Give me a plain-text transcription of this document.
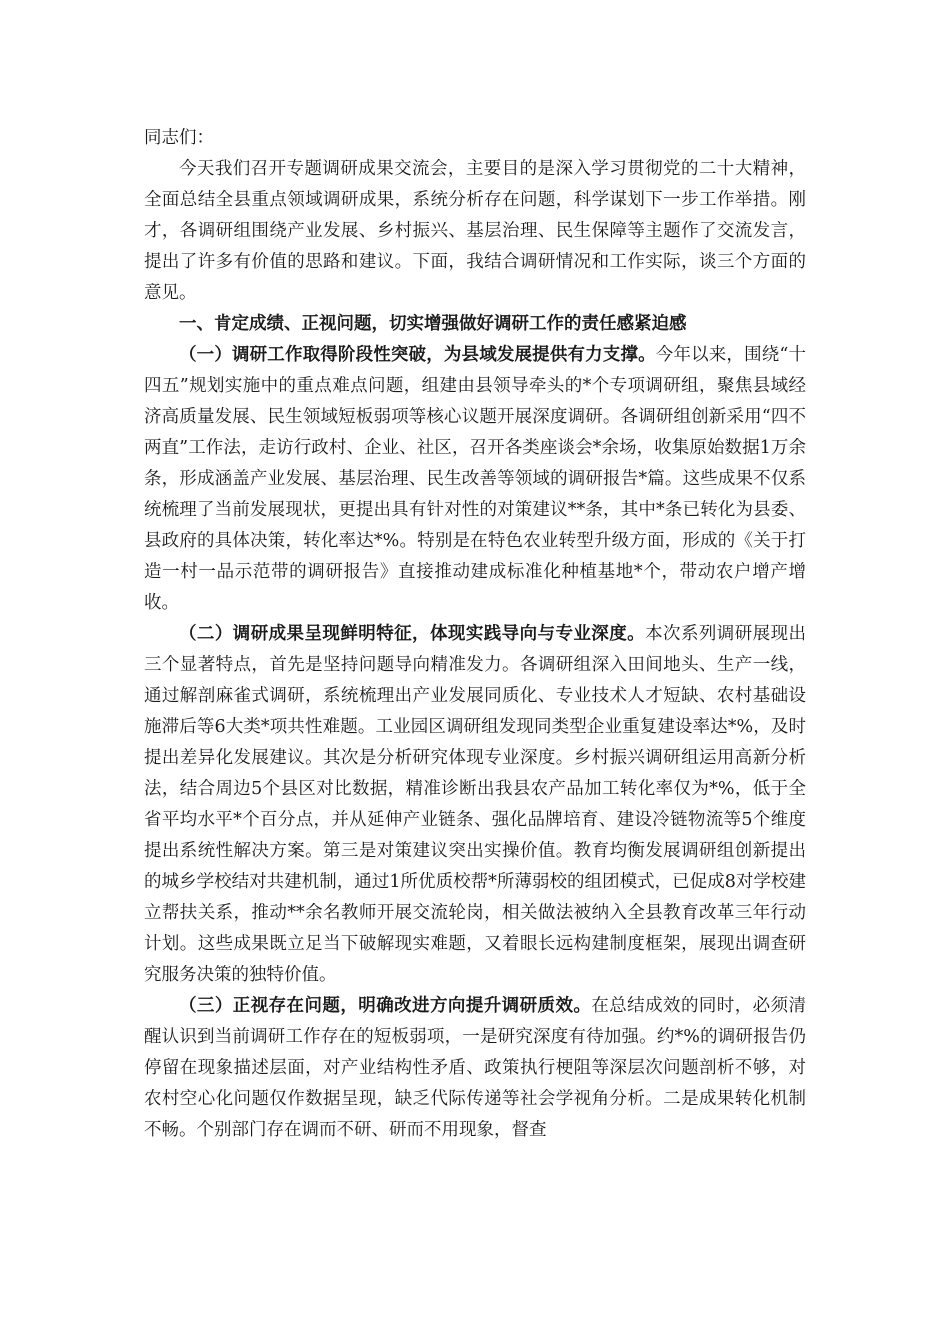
同志们：

今天我们召开专题调研成果交流会，主要目的是深入学习贯彻党的二十大精神，全面总结全县重点领域调研成果，系统分析存在问题，科学谋划下一步工作举措。刚才，各调研组围绕产业发展、乡村振兴、基层治理、民生保障等主题作了交流发言，提出了许多有价值的思路和建议。下面，我结合调研情况和工作实际，谈三个方面的意见。

一、肯定成绩、正视问题，切实增强做好调研工作的责任感紧迫感

（一）调研工作取得阶段性突破，为县域发展提供有力支撑。今年以来，围绕“十四五”规划实施中的重点难点问题，组建由县领导牵头的*个专项调研组，聚焦县域经济高质量发展、民生领域短板弱项等核心议题开展深度调研。各调研组创新采用“四不两直”工作法，走访行政村、企业、社区，召开各类座谈会*余场，收集原始数据1万余条，形成涵盖产业发展、基层治理、民生改善等领域的调研报告*篇。这些成果不仅系统梳理了当前发展现状，更提出具有针对性的对策建议**条，其中*条已转化为县委、县政府的具体决策，转化率达*%。特别是在特色农业转型升级方面，形成的《关于打造一村一品示范带的调研报告》直接推动建成标准化种植基地*个，带动农户增产增收。

（二）调研成果呈现鲜明特征，体现实践导向与专业深度。本次系列调研展现出三个显著特点，首先是坚持问题导向精准发力。各调研组深入田间地头、生产一线，通过解剖麻雀式调研，系统梳理出产业发展同质化、专业技术人才短缺、农村基础设施滞后等6大类*项共性难题。工业园区调研组发现同类型企业重复建设率达*%，及时提出差异化发展建议。其次是分析研究体现专业深度。乡村振兴调研组运用高新分析法，结合周边5个县区对比数据，精准诊断出我县农产品加工转化率仅为*%，低于全省平均水平*个百分点，并从延伸产业链条、强化品牌培育、建设冷链物流等5个维度提出系统性解决方案。第三是对策建议突出实操价值。教育均衡发展调研组创新提出的城乡学校结对共建机制，通过1所优质校帮*所薄弱校的组团模式，已促成8对学校建立帮扶关系，推动**余名教师开展交流轮岗，相关做法被纳入全县教育改革三年行动计划。这些成果既立足当下破解现实难题，又着眼长远构建制度框架，展现出调查研究服务决策的独特价值。

（三）正视存在问题，明确改进方向提升调研质效。在总结成效的同时，必须清醒认识到当前调研工作存在的短板弱项，一是研究深度有待加强。约*%的调研报告仍停留在现象描述层面，对产业结构性矛盾、政策执行梗阻等深层次问题剖析不够，对农村空心化问题仅作数据呈现，缺乏代际传递等社会学视角分析。二是成果转化机制不畅。个别部门存在调而不研、研而不用现象，督查
